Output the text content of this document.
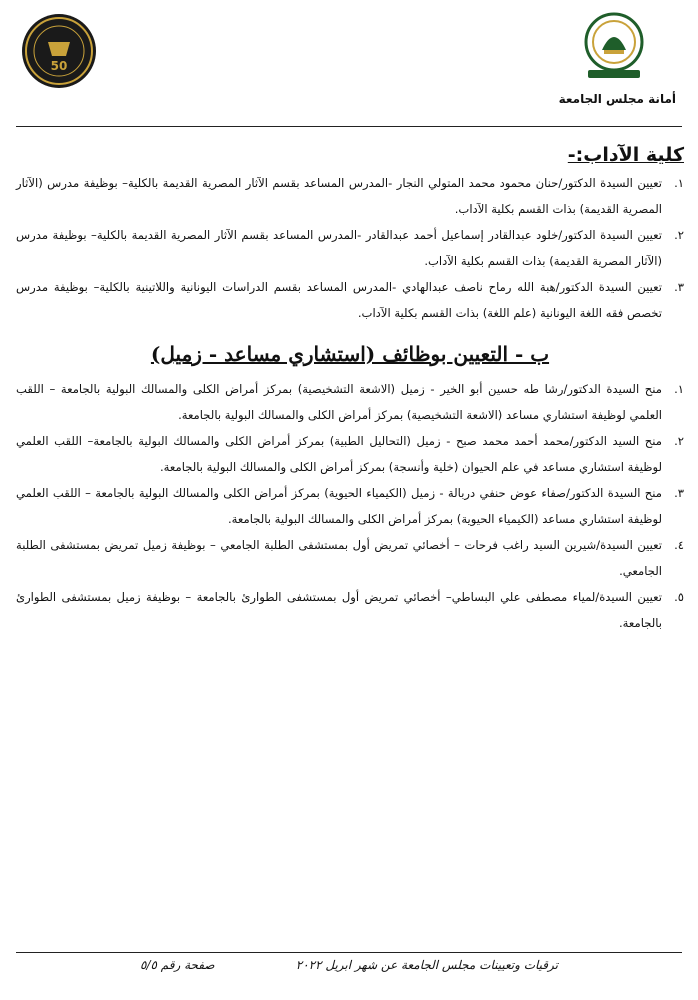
50
أمانة مجلس الجامعة
كلية الآداب:-
١.
تعيين السيدة الدكتور/حنان محمود محمد المتولي النجار -المدرس المساعد بقسم الآثار المصرية القديمة بالكلية– بوظيفة مدرس (الآثار المصرية القديمة) بذات القسم بكلية الآداب.
٢.
تعيين السيدة الدكتور/خلود عبدالقادر إسماعيل أحمد عبدالقادر -المدرس المساعد بقسم الآثار المصرية القديمة بالكلية– بوظيفة مدرس (الآثار المصرية القديمة) بذات القسم بكلية الآداب.
٣.
تعيين السيدة الدكتور/هبة الله رماح ناصف عبدالهادي -المدرس المساعد بقسم الدراسات اليونانية واللاتينية بالكلية– بوظيفة مدرس تخصص فقه اللغة اليونانية (علم اللغة) بذات القسم بكلية الآداب.
ب - التعيين بوظائف (استشاري مساعد - زميل)
١.
منح السيدة الدكتور/رشا طه حسين أبو الخير - زميل (الاشعة التشخيصية) بمركز أمراض الكلى والمسالك البولية بالجامعة – اللقب العلمي لوظيفة استشاري مساعد (الاشعة التشخيصية) بمركز أمراض الكلى والمسالك البولية بالجامعة.
٢.
منح السيد الدكتور/محمد أحمد محمد صبح - زميل (التحاليل الطبية) بمركز أمراض الكلى والمسالك البولية بالجامعة– اللقب العلمي لوظيفة استشاري مساعد في علم الحيوان (خلية وأنسجة) بمركز أمراض الكلى والمسالك البولية بالجامعة.
٣.
منح السيدة الدكتور/صفاء عوض حنفي دربالة - زميل (الكيمياء الحيوية) بمركز أمراض الكلى والمسالك البولية بالجامعة – اللقب العلمي لوظيفة استشاري مساعد (الكيمياء الحيوية) بمركز أمراض الكلى والمسالك البولية بالجامعة.
٤.
تعيين السيدة/شيرين السيد راغب فرحات – أخصائي تمريض أول بمستشفى الطلبة الجامعي – بوظيفة زميل تمريض بمستشفى الطلبة الجامعي.
٥.
تعيين السيدة/لمياء مصطفى علي البساطي– أخصائي تمريض أول بمستشفى الطوارئ بالجامعة – بوظيفة زميل بمستشفى الطوارئ بالجامعة.
ترقيات وتعيينات مجلس الجامعة عن شهر ابريل ٢٠٢٢
صفحة رقم ٥/٥
